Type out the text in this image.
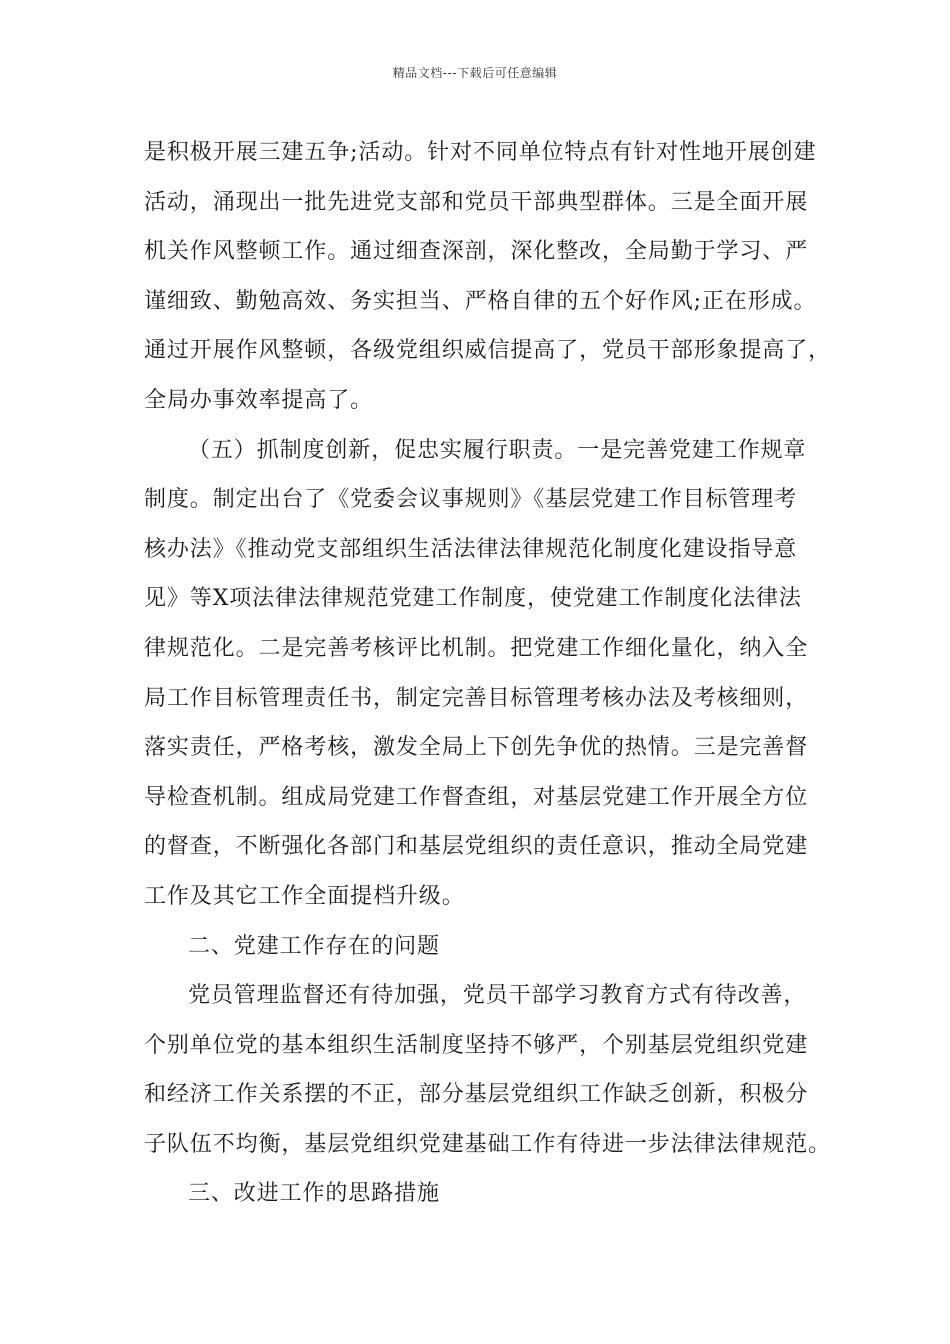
精品文档---下载后可任意编辑
是积极开展三建五争;活动。针对不同单位特点有针对性地开展创建
活动，涌现出一批先进党支部和党员干部典型群体。三是全面开展
机关作风整顿工作。通过细查深剖，深化整改，全局勤于学习、严
谨细致、勤勉高效、务实担当、严格自律的五个好作风;正在形成。
通过开展作风整顿，各级党组织威信提高了，党员干部形象提高了，
全局办事效率提高了。
（五）抓制度创新，促忠实履行职责。一是完善党建工作规章
制度。制定出台了《党委会议事规则》《基层党建工作目标管理考
核办法》《推动党支部组织生活法律法律规范化制度化建设指导意
见》等X项法律法律规范党建工作制度，使党建工作制度化法律法
律规范化。二是完善考核评比机制。把党建工作细化量化，纳入全
局工作目标管理责任书，制定完善目标管理考核办法及考核细则，
落实责任，严格考核，激发全局上下创先争优的热情。三是完善督
导检查机制。组成局党建工作督查组，对基层党建工作开展全方位
的督查，不断强化各部门和基层党组织的责任意识，推动全局党建
工作及其它工作全面提档升级。
二、党建工作存在的问题
党员管理监督还有待加强，党员干部学习教育方式有待改善，
个别单位党的基本组织生活制度坚持不够严，个别基层党组织党建
和经济工作关系摆的不正，部分基层党组织工作缺乏创新，积极分
子队伍不均衡，基层党组织党建基础工作有待进一步法律法律规范。
三、改进工作的思路措施
